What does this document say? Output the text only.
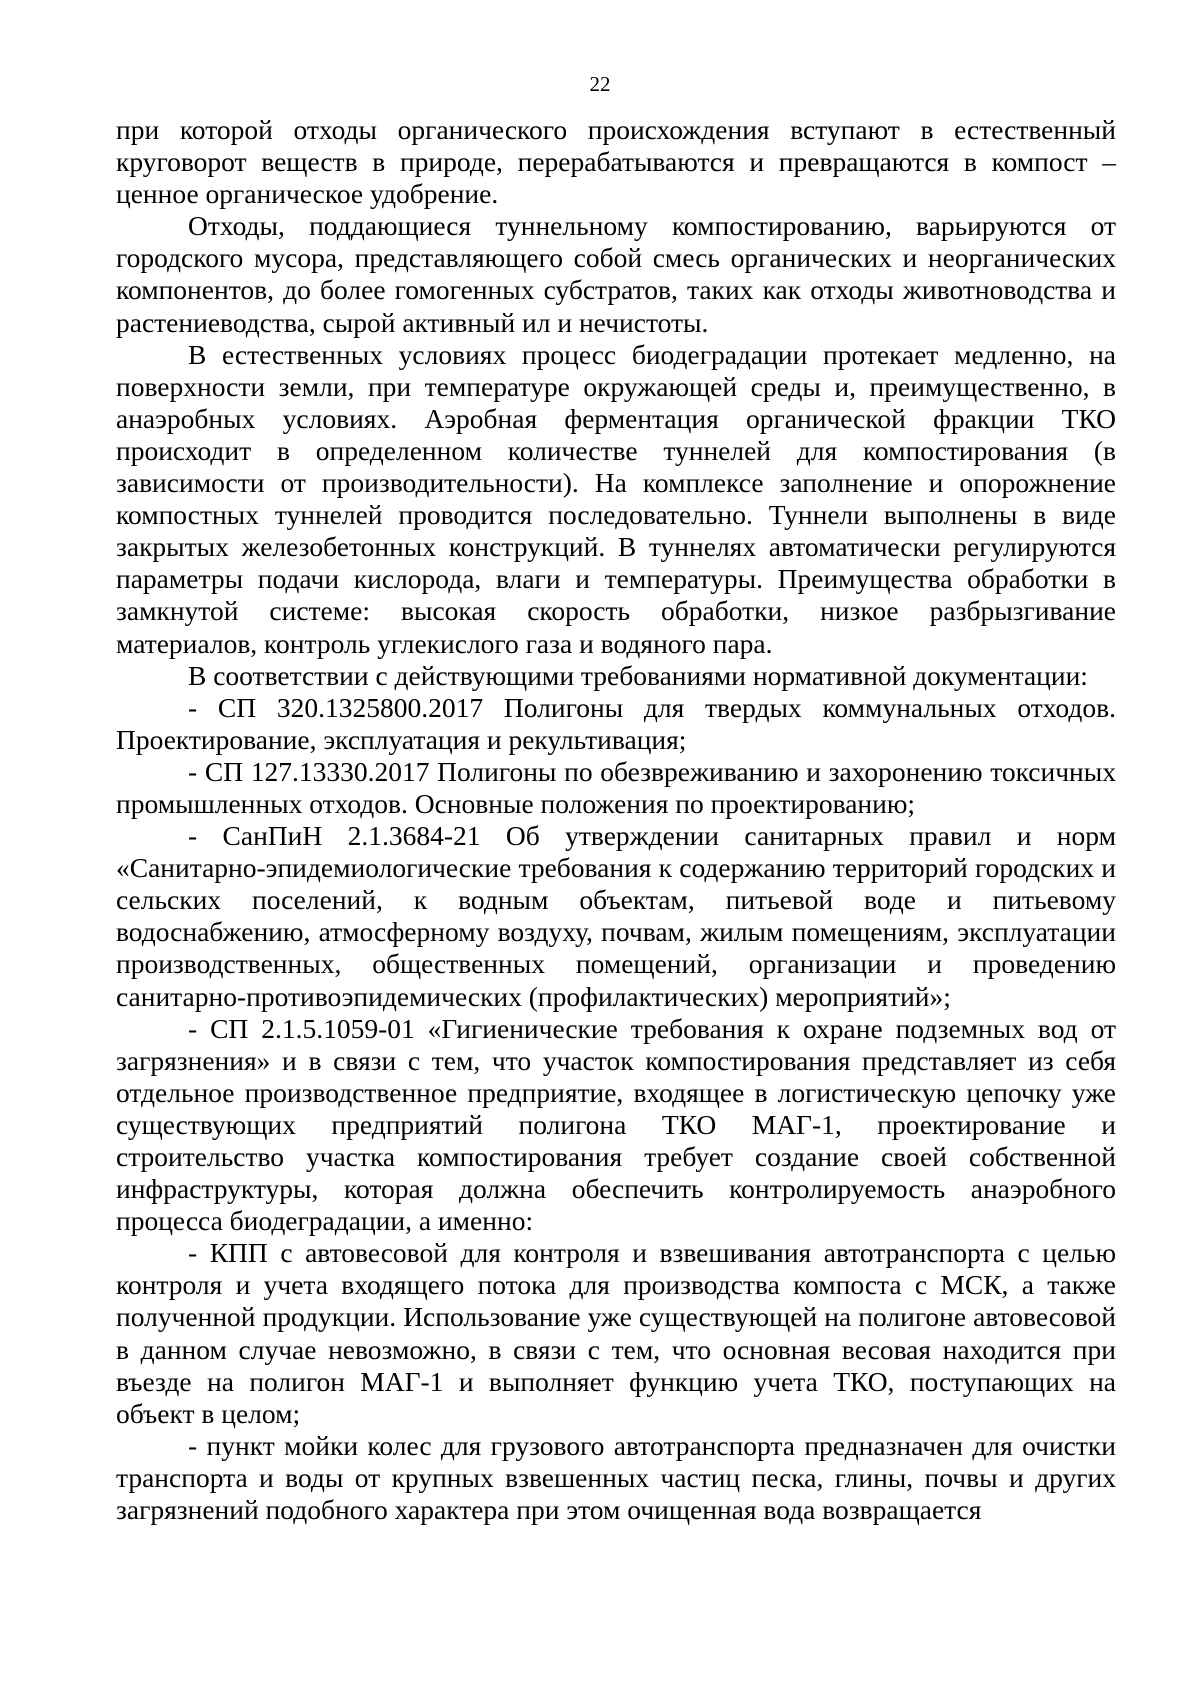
22

при которой отходы органического происхождения вступают в естественный круговорот веществ в природе, перерабатываются и превращаются в компост – ценное органическое удобрение.

Отходы, поддающиеся туннельному компостированию, варьируются от городского мусора, представляющего собой смесь органических и неорганических компонентов, до более гомогенных субстратов, таких как отходы животноводства и растениеводства, сырой активный ил и нечистоты.

В естественных условиях процесс биодеградации протекает медленно, на поверхности земли, при температуре окружающей среды и, преимущественно, в анаэробных условиях. Аэробная ферментация органической фракции ТКО происходит в определенном количестве туннелей для компостирования (в зависимости от производительности). На комплексе заполнение и опорожнение компостных туннелей проводится последовательно. Туннели выполнены в виде закрытых железобетонных конструкций. В туннелях автоматически регулируются параметры подачи кислорода, влаги и температуры. Преимущества обработки в замкнутой системе: высокая скорость обработки, низкое разбрызгивание материалов, контроль углекислого газа и водяного пара.

В соответствии с действующими требованиями нормативной документации:

- СП 320.1325800.2017 Полигоны для твердых коммунальных отходов. Проектирование, эксплуатация и рекультивация;

- СП 127.13330.2017 Полигоны по обезвреживанию и захоронению токсичных промышленных отходов. Основные положения по проектированию;

- СанПиН 2.1.3684-21 Об утверждении санитарных правил и норм «Санитарно-эпидемиологические требования к содержанию территорий городских и сельских поселений, к водным объектам, питьевой воде и питьевому водоснабжению, атмосферному воздуху, почвам, жилым помещениям, эксплуатации производственных, общественных помещений, организации и проведению санитарно-противоэпидемических (профилактических) мероприятий»;

- СП 2.1.5.1059-01 «Гигиенические требования к охране подземных вод от загрязнения» и в связи с тем, что участок компостирования представляет из себя отдельное производственное предприятие, входящее в логистическую цепочку уже существующих предприятий полигона ТКО МАГ-1, проектирование и строительство участка компостирования требует создание своей собственной инфраструктуры, которая должна обеспечить контролируемость анаэробного процесса биодеградации, а именно:

- КПП с автовесовой для контроля и взвешивания автотранспорта с целью контроля и учета входящего потока для производства компоста с МСК, а также полученной продукции. Использование уже существующей на полигоне автовесовой в данном случае невозможно, в связи с тем, что основная весовая находится при въезде на полигон МАГ-1 и выполняет функцию учета ТКО, поступающих на объект в целом;

- пункт мойки колес для грузового автотранспорта предназначен для очистки транспорта и воды от крупных взвешенных частиц песка, глины, почвы и других загрязнений подобного характера при этом очищенная вода возвращается
